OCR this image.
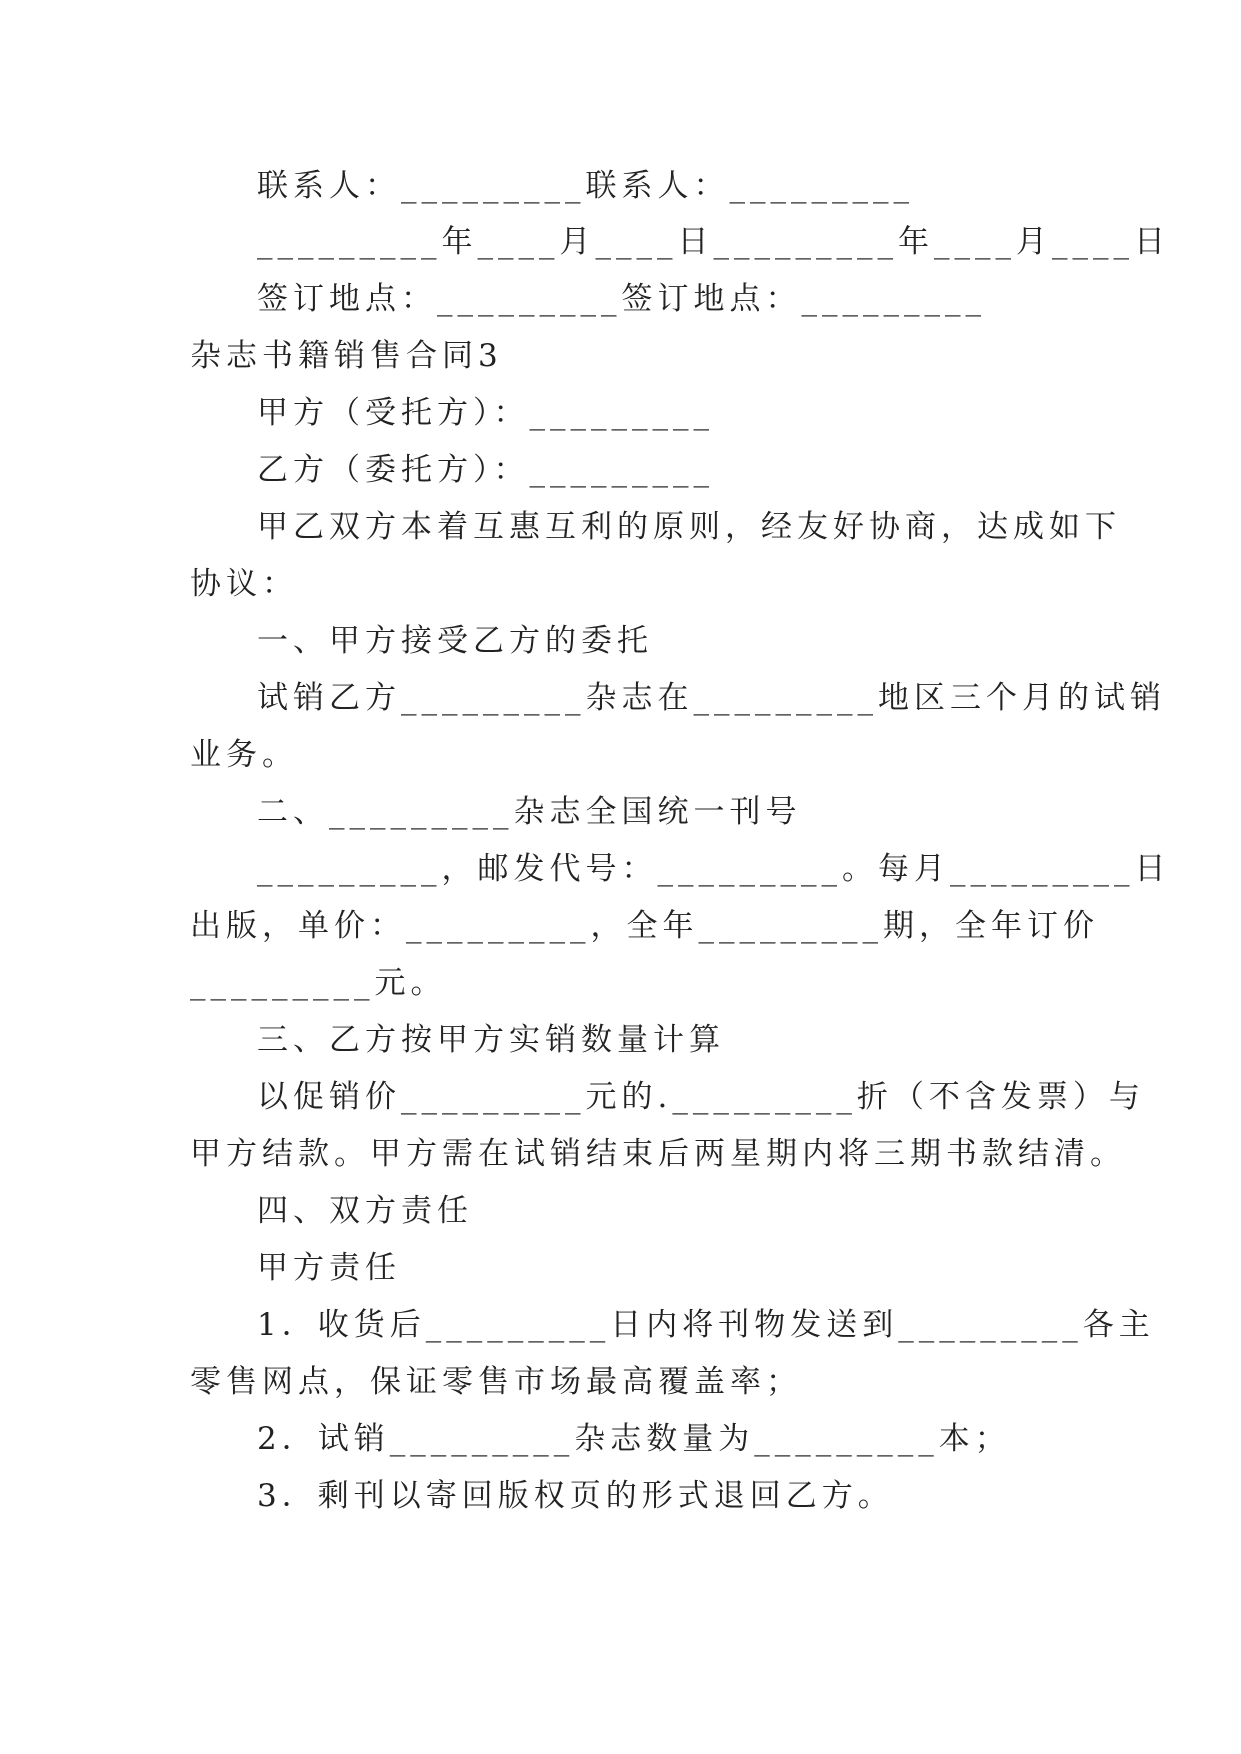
联系人：_________联系人：_________

_________年____月____日_________年____月____日

签订地点：_________签订地点：_________

杂志书籍销售合同3

甲方（受托方）：_________

乙方（委托方）：_________

甲乙双方本着互惠互利的原则，经友好协商，达成如下

协议：

一、甲方接受乙方的委托

试销乙方_________杂志在_________地区三个月的试销

业务。

二、_________杂志全国统一刊号

_________，邮发代号：_________。每月_________日

出版，单价：_________，全年_________期，全年订价

_________元。

三、乙方按甲方实销数量计算

以促销价_________元的._________折（不含发票）与

甲方结款。甲方需在试销结束后两星期内将三期书款结清。

四、双方责任

甲方责任

1．收货后_________日内将刊物发送到_________各主

零售网点，保证零售市场最高覆盖率；

2．试销_________杂志数量为_________本；

3．剩刊以寄回版权页的形式退回乙方。
